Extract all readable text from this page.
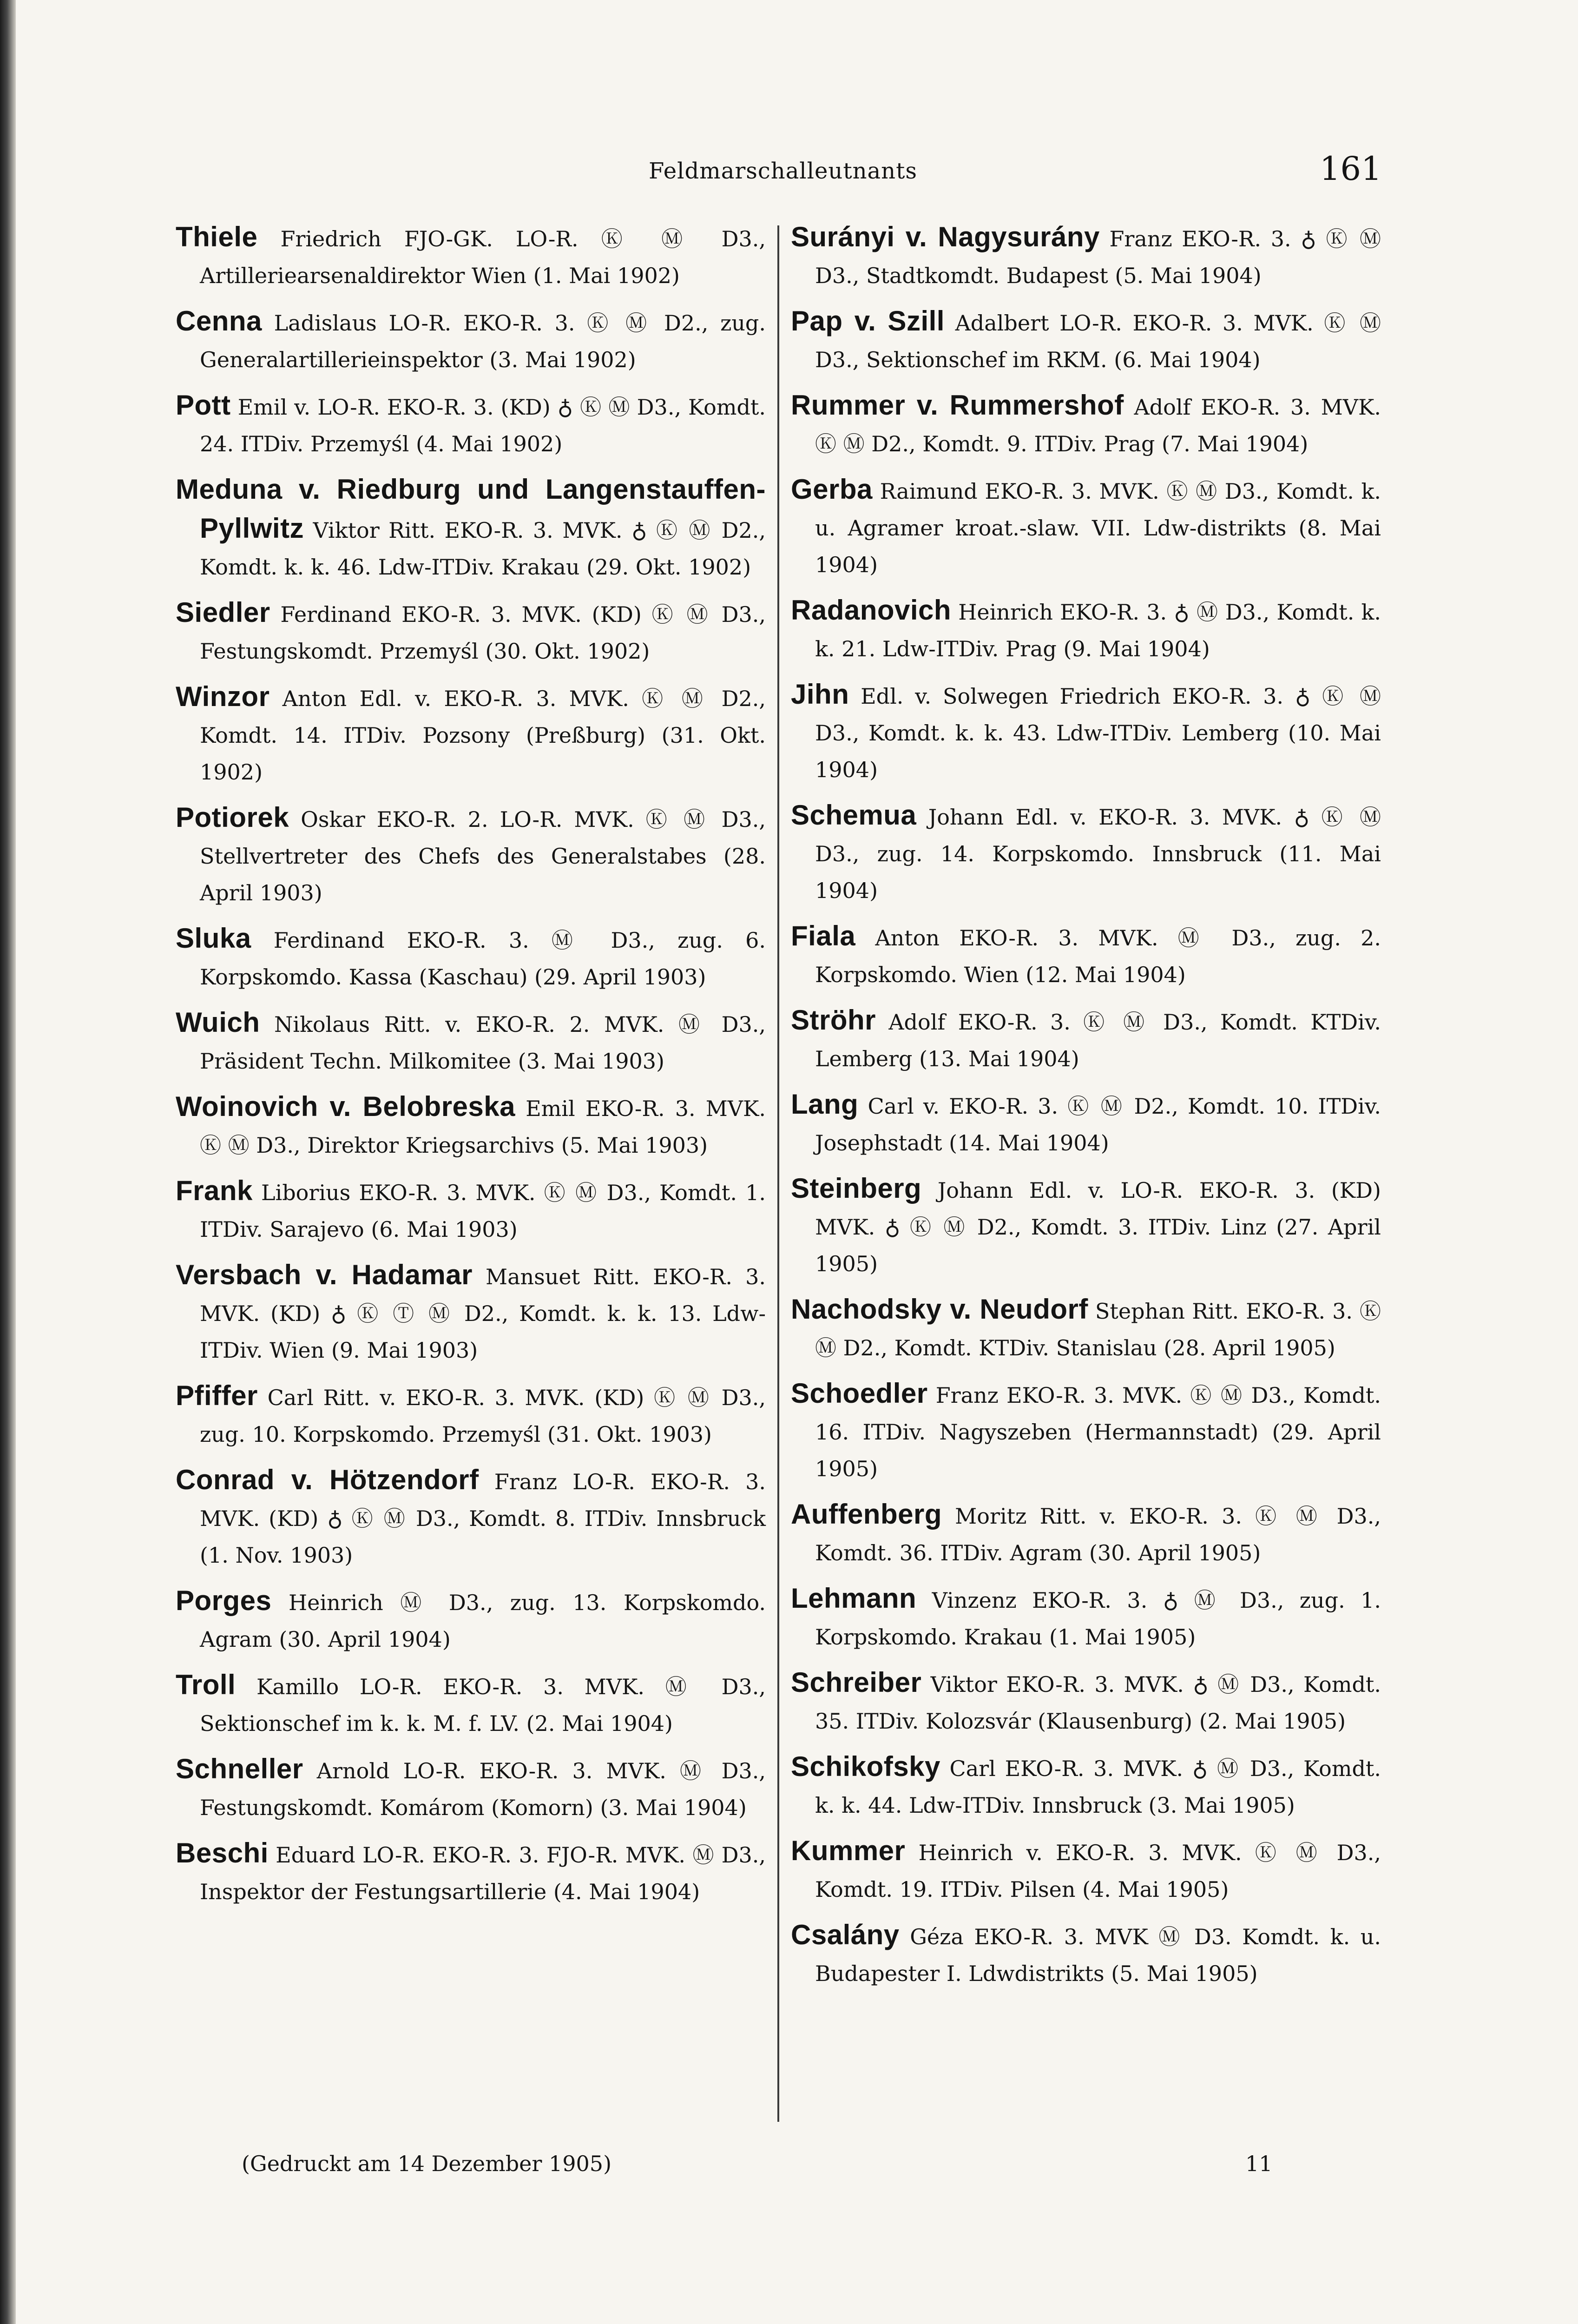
Feldmarschalleutnants	161

Thiele Friedrich FJO-GK. LO-R. Ⓚ Ⓜ D3., Artilleriearsenaldirektor Wien (1. Mai 1902)

Cenna Ladislaus LO-R. EKO-R. 3. Ⓚ Ⓜ D2., zug. Generalartillerieinspektor (3. Mai 1902)

Pott Emil v. LO-R. EKO-R. 3. (KD) ♁ Ⓚ Ⓜ D3., Komdt. 24. ITDiv. Przemyśl (4. Mai 1902)

Meduna v. Riedburg und Langenstauffen-Pyllwitz Viktor Ritt. EKO-R. 3. MVK. ♁ Ⓚ Ⓜ D2., Komdt. k. k. 46. Ldw-ITDiv. Krakau (29. Okt. 1902)

Siedler Ferdinand EKO-R. 3. MVK. (KD) Ⓚ Ⓜ D3., Festungskomdt. Przemyśl (30. Okt. 1902)

Winzor Anton Edl. v. EKO-R. 3. MVK. Ⓚ Ⓜ D2., Komdt. 14. ITDiv. Pozsony (Preßburg) (31. Okt. 1902)

Potiorek Oskar EKO-R. 2. LO-R. MVK. Ⓚ Ⓜ D3., Stellvertreter des Chefs des Generalstabes (28. April 1903)

Sluka Ferdinand EKO-R. 3. Ⓜ D3., zug. 6. Korpskomdo. Kassa (Kaschau) (29. April 1903)

Wuich Nikolaus Ritt. v. EKO-R. 2. MVK. Ⓜ D3., Präsident Techn. Milkomitee (3. Mai 1903)

Woinovich v. Belobreska Emil EKO-R. 3. MVK. Ⓚ Ⓜ D3., Direktor Kriegsarchivs (5. Mai 1903)

Frank Liborius EKO-R. 3. MVK. Ⓚ Ⓜ D3., Komdt. 1. ITDiv. Sarajevo (6. Mai 1903)

Versbach v. Hadamar Mansuet Ritt. EKO-R. 3. MVK. (KD) ♁ Ⓚ Ⓣ Ⓜ D2., Komdt. k. k. 13. Ldw-ITDiv. Wien (9. Mai 1903)

Pfiffer Carl Ritt. v. EKO-R. 3. MVK. (KD) Ⓚ Ⓜ D3., zug. 10. Korpskomdo. Przemyśl (31. Okt. 1903)

Conrad v. Hötzendorf Franz LO-R. EKO-R. 3. MVK. (KD) ♁ Ⓚ Ⓜ D3., Komdt. 8. ITDiv. Innsbruck (1. Nov. 1903)

Porges Heinrich Ⓜ D3., zug. 13. Korpskomdo. Agram (30. April 1904)

Troll Kamillo LO-R. EKO-R. 3. MVK. Ⓜ D3., Sektionschef im k. k. M. f. LV. (2. Mai 1904)

Schneller Arnold LO-R. EKO-R. 3. MVK. Ⓜ D3., Festungskomdt. Komárom (Komorn) (3. Mai 1904)

Beschi Eduard LO-R. EKO-R. 3. FJO-R. MVK. Ⓜ D3., Inspektor der Festungsartillerie (4. Mai 1904)

Surányi v. Nagysurány Franz EKO-R. 3. ♁ Ⓚ Ⓜ D3., Stadtkomdt. Budapest (5. Mai 1904)

Pap v. Szill Adalbert LO-R. EKO-R. 3. MVK. Ⓚ Ⓜ D3., Sektionschef im RKM. (6. Mai 1904)

Rummer v. Rummershof Adolf EKO-R. 3. MVK. Ⓚ Ⓜ D2., Komdt. 9. ITDiv. Prag (7. Mai 1904)

Gerba Raimund EKO-R. 3. MVK. Ⓚ Ⓜ D3., Komdt. k. u. Agramer kroat.-slaw. VII. Ldw-distrikts (8. Mai 1904)

Radanovich Heinrich EKO-R. 3. ♁ Ⓜ D3., Komdt. k. k. 21. Ldw-ITDiv. Prag (9. Mai 1904)

Jihn Edl. v. Solwegen Friedrich EKO-R. 3. ♁ Ⓚ Ⓜ D3., Komdt. k. k. 43. Ldw-ITDiv. Lemberg (10. Mai 1904)

Schemua Johann Edl. v. EKO-R. 3. MVK. ♁ Ⓚ Ⓜ D3., zug. 14. Korpskomdo. Innsbruck (11. Mai 1904)

Fiala Anton EKO-R. 3. MVK. Ⓜ D3., zug. 2. Korpskomdo. Wien (12. Mai 1904)

Ströhr Adolf EKO-R. 3. Ⓚ Ⓜ D3., Komdt. KTDiv. Lemberg (13. Mai 1904)

Lang Carl v. EKO-R. 3. Ⓚ Ⓜ D2., Komdt. 10. ITDiv. Josephstadt (14. Mai 1904)

Steinberg Johann Edl. v. LO-R. EKO-R. 3. (KD) MVK. ♁ Ⓚ Ⓜ D2., Komdt. 3. ITDiv. Linz (27. April 1905)

Nachodsky v. Neudorf Stephan Ritt. EKO-R. 3. Ⓚ Ⓜ D2., Komdt. KTDiv. Stanislau (28. April 1905)

Schoedler Franz EKO-R. 3. MVK. Ⓚ Ⓜ D3., Komdt. 16. ITDiv. Nagyszeben (Hermannstadt) (29. April 1905)

Auffenberg Moritz Ritt. v. EKO-R. 3. Ⓚ Ⓜ D3., Komdt. 36. ITDiv. Agram (30. April 1905)

Lehmann Vinzenz EKO-R. 3. ♁ Ⓜ D3., zug. 1. Korpskomdo. Krakau (1. Mai 1905)

Schreiber Viktor EKO-R. 3. MVK. ♁ Ⓜ D3., Komdt. 35. ITDiv. Kolozsvár (Klausenburg) (2. Mai 1905)

Schikofsky Carl EKO-R. 3. MVK. ♁ Ⓜ D3., Komdt. k. k. 44. Ldw-ITDiv. Innsbruck (3. Mai 1905)

Kummer Heinrich v. EKO-R. 3. MVK. Ⓚ Ⓜ D3., Komdt. 19. ITDiv. Pilsen (4. Mai 1905)

Csalány Géza EKO-R. 3. MVK Ⓜ D3. Komdt. k. u. Budapester I. Ldwdistrikts (5. Mai 1905)

(Gedruckt am 14 Dezember 1905)	11
